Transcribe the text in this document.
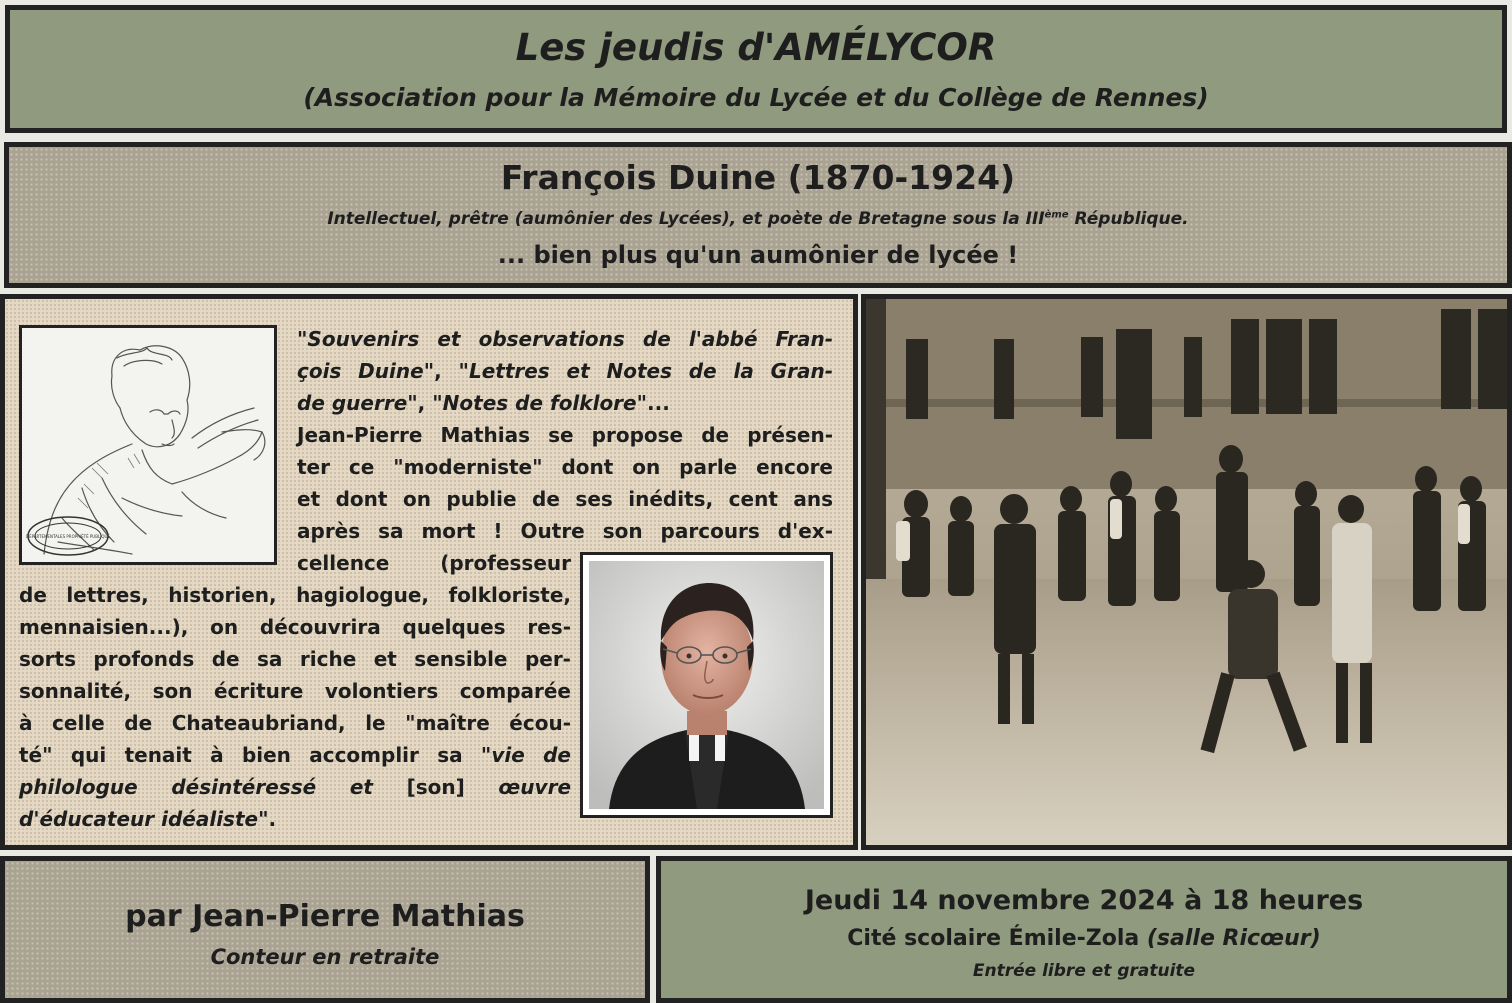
Les jeudis d'AMÉLYCOR
(Association pour la Mémoire du Lycée et du Collège de Rennes)
François Duine (1870-1924)
Intellectuel, prêtre (aumônier des Lycées), et poète de Bretagne sous la IIIème République.
... bien plus qu'un aumônier de lycée !
DÉPARTEMENTALES PROPRIÉTÉ PUBLIQUE
"Souvenirs et observations de l'abbé Fran-
çois Duine", "Lettres et Notes de la Gran-
de guerre", "Notes de folklore"...
Jean-Pierre Mathias se propose de présen-
ter ce "moderniste" dont on parle encore
et dont on publie de ses inédits, cent ans
après sa mort ! Outre son parcours d'ex-
cellence (professeur
de lettres, historien, hagiologue, folkloriste,
mennaisien...), on découvrira quelques res-
sorts profonds de sa riche et sensible per-
sonnalité, son écriture volontiers comparée
à celle de Chateaubriand, le "maître écou-
té" qui tenait à bien accomplir sa "vie de
philologue désintéressé et [son] œuvre
d'éducateur idéaliste".
par Jean-Pierre Mathias
Conteur en retraite
Jeudi 14 novembre 2024 à 18 heures
Cité scolaire Émile-Zola (salle Ricœur)
Entrée libre et gratuite
